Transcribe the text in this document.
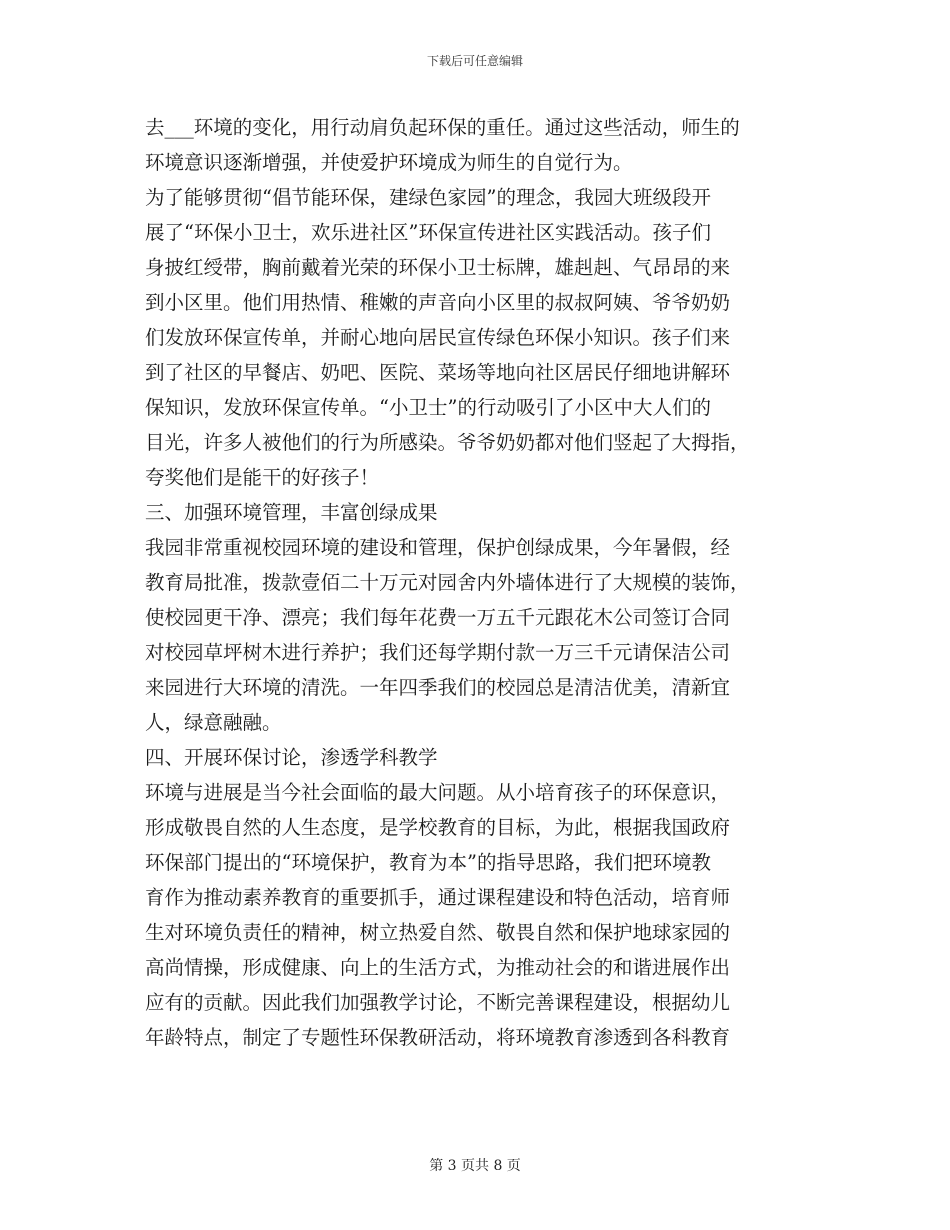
下载后可任意编辑
去___环境的变化，用行动肩负起环保的重任。通过这些活动，师生的
环境意识逐渐增强，并使爱护环境成为师生的自觉行为。
为了能够贯彻“倡节能环保，建绿色家园”的理念，我园大班级段开
展了“环保小卫士，欢乐进社区”环保宣传进社区实践活动。孩子们
身披红绶带，胸前戴着光荣的环保小卫士标牌，雄赳赳、气昂昂的来
到小区里。他们用热情、稚嫩的声音向小区里的叔叔阿姨、爷爷奶奶
们发放环保宣传单，并耐心地向居民宣传绿色环保小知识。孩子们来
到了社区的早餐店、奶吧、医院、菜场等地向社区居民仔细地讲解环
保知识，发放环保宣传单。“小卫士”的行动吸引了小区中大人们的
目光，许多人被他们的行为所感染。爷爷奶奶都对他们竖起了大拇指，
夸奖他们是能干的好孩子！
三、加强环境管理，丰富创绿成果
我园非常重视校园环境的建设和管理，保护创绿成果，今年暑假，经
教育局批准，拨款壹佰二十万元对园舍内外墙体进行了大规模的装饰，
使校园更干净、漂亮；我们每年花费一万五千元跟花木公司签订合同
对校园草坪树木进行养护；我们还每学期付款一万三千元请保洁公司
来园进行大环境的清洗。一年四季我们的校园总是清洁优美，清新宜
人，绿意融融。
四、开展环保讨论，渗透学科教学
环境与进展是当今社会面临的最大问题。从小培育孩子的环保意识，
形成敬畏自然的人生态度，是学校教育的目标，为此，根据我国政府
环保部门提出的“环境保护，教育为本”的指导思路，我们把环境教
育作为推动素养教育的重要抓手，通过课程建设和特色活动，培育师
生对环境负责任的精神，树立热爱自然、敬畏自然和保护地球家园的
高尚情操，形成健康、向上的生活方式，为推动社会的和谐进展作出
应有的贡献。因此我们加强教学讨论，不断完善课程建设，根据幼儿
年龄特点，制定了专题性环保教研活动，将环境教育渗透到各科教育
第 3 页共 8 页
